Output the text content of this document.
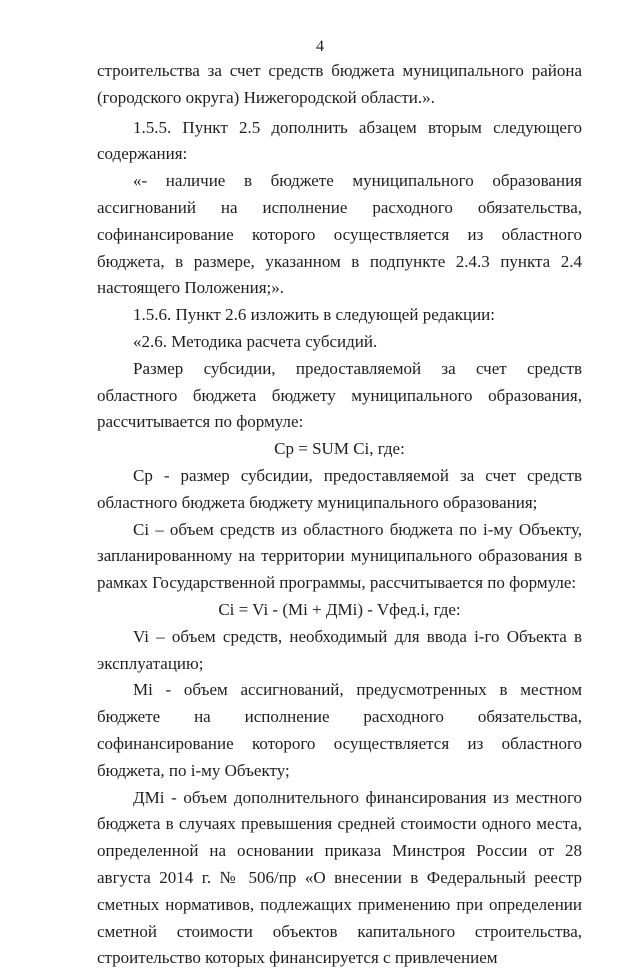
4

строительства за счет средств бюджета муниципального района (городского округа) Нижегородской области.».

1.5.5. Пункт 2.5 дополнить абзацем вторым следующего содержания:

«- наличие в бюджете муниципального образования ассигнований на исполнение расходного обязательства, софинансирование которого осуществляется из областного бюджета, в размере, указанном в подпункте 2.4.3 пункта 2.4 настоящего Положения;».

1.5.6. Пункт 2.6 изложить в следующей редакции:

«2.6. Методика расчета субсидий.

Размер субсидии, предоставляемой за счет средств областного бюджета бюджету муниципального образования, рассчитывается по формуле:

Ср = SUM Сi, где:

Ср - размер субсидии, предоставляемой за счет средств областного бюджета бюджету муниципального образования;

Сi – объем средств из областного бюджета по i-му Объекту, запланированному на территории муниципального образования в рамках Государственной программы, рассчитывается по формуле:

Сi = Vi - (Мi + ДМi) - Vфед.i, где:

Vi – объем средств, необходимый для ввода i-го Объекта в эксплуатацию;

Мi - объем ассигнований, предусмотренных в местном бюджете на исполнение расходного обязательства, софинансирование которого осуществляется из областного бюджета, по i-му Объекту;

ДМi - объем дополнительного финансирования из местного бюджета в случаях превышения средней стоимости одного места, определенной на основании приказа Минстроя России от 28 августа 2014 г. № 506/пр «О внесении в Федеральный реестр сметных нормативов, подлежащих применению при определении сметной стоимости объектов капитального строительства, строительство которых финансируется с привлечением
